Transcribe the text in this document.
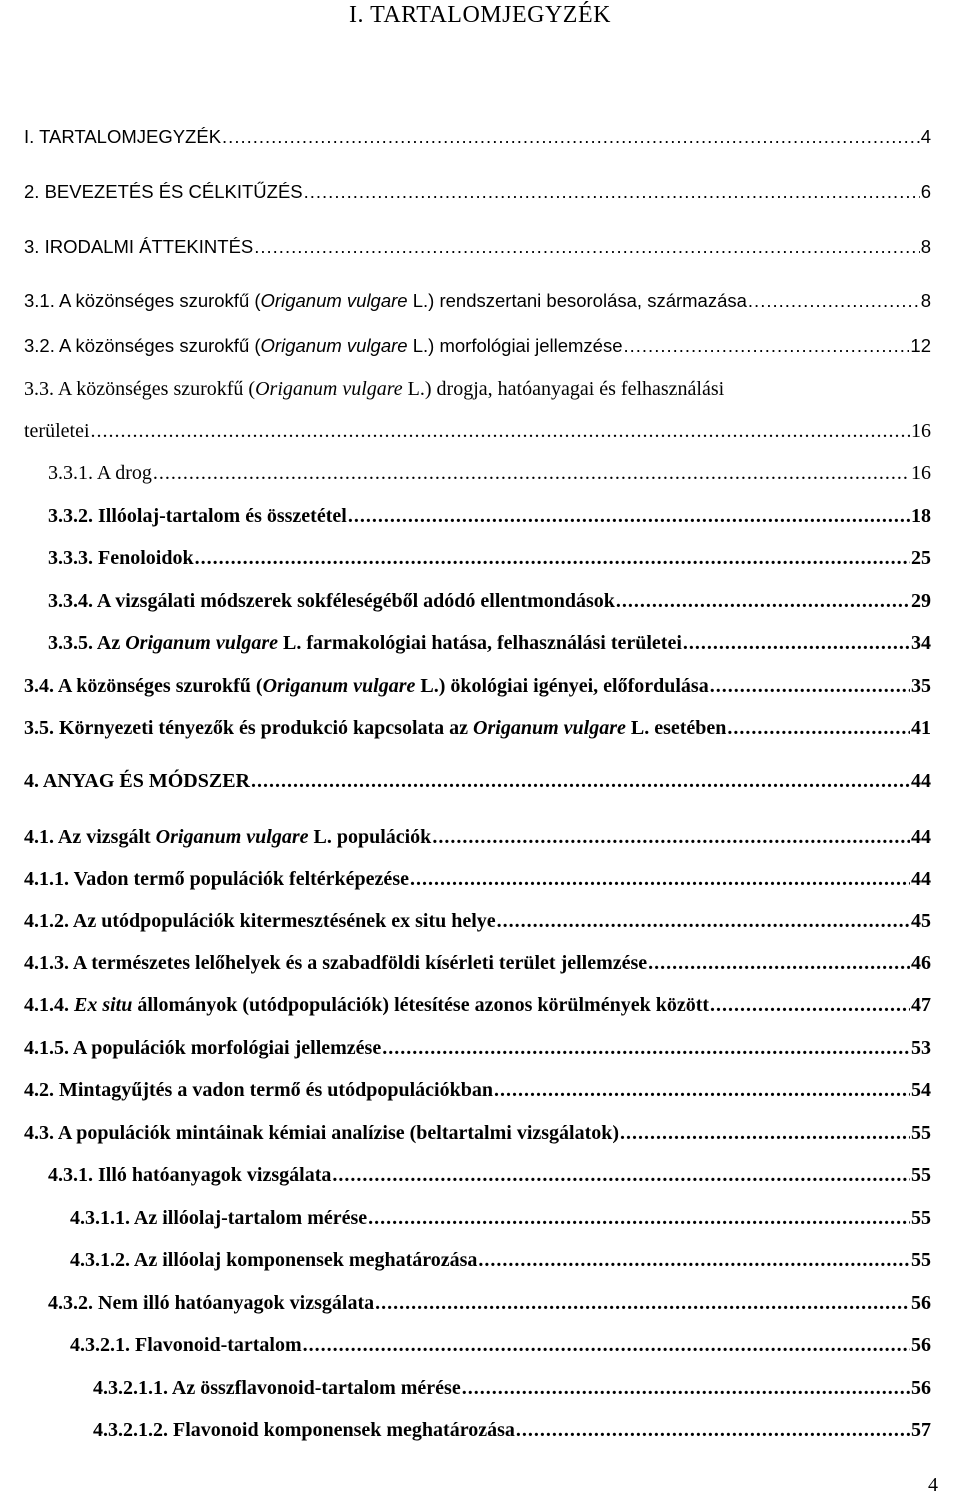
I. TARTALOMJEGYZÉK
I. TARTALOMJEGYZÉK .....	4
2. BEVEZETÉS ÉS CÉLKITŰZÉS .....	6
3. IRODALMI ÁTTEKINTÉS .....	8
3.1. A közönséges szurokfű (Origanum vulgare L.) rendszertani besorolása, származása .....	8
3.2. A közönséges szurokfű (Origanum vulgare L.) morfológiai jellemzése .....	12
3.3. A közönséges szurokfű (Origanum vulgare L.) drogja, hatóanyagai és felhasználási
területei .....	16
3.3.1. A drog .....	16
3.3.2. Illóolaj-tartalom és összetétel .....	18
3.3.3. Fenoloidok .....	25
3.3.4. A vizsgálati módszerek sokféleségéből adódó ellentmondások .....	29
3.3.5. Az Origanum vulgare L. farmakológiai hatása, felhasználási területei .....	34
3.4. A közönséges szurokfű (Origanum vulgare L.) ökológiai igényei, előfordulása .....	35
3.5. Környezeti tényezők és produkció kapcsolata az Origanum vulgare L. esetében .....	41
4. ANYAG ÉS MÓDSZER .....	44
4.1. Az vizsgált Origanum vulgare L. populációk .....	44
4.1.1. Vadon termő populációk feltérképezése .....	44
4.1.2. Az utódpopulációk kitermesztésének ex situ helye .....	45
4.1.3. A természetes lelőhelyek és a szabadföldi kísérleti terület jellemzése .....	46
4.1.4. Ex situ állományok (utódpopulációk) létesítése azonos körülmények között .....	47
4.1.5. A populációk morfológiai jellemzése .....	53
4.2. Mintagyűjtés a vadon termő és utódpopulációkban .....	54
4.3. A populációk mintáinak kémiai analízise (beltartalmi vizsgálatok) .....	55
4.3.1. Illó hatóanyagok vizsgálata .....	55
4.3.1.1. Az illóolaj-tartalom mérése .....	55
4.3.1.2. Az illóolaj komponensek meghatározása .....	55
4.3.2. Nem illó hatóanyagok vizsgálata .....	56
4.3.2.1. Flavonoid-tartalom .....	56
4.3.2.1.1. Az összflavonoid-tartalom mérése .....	56
4.3.2.1.2. Flavonoid komponensek meghatározása .....	57
4
